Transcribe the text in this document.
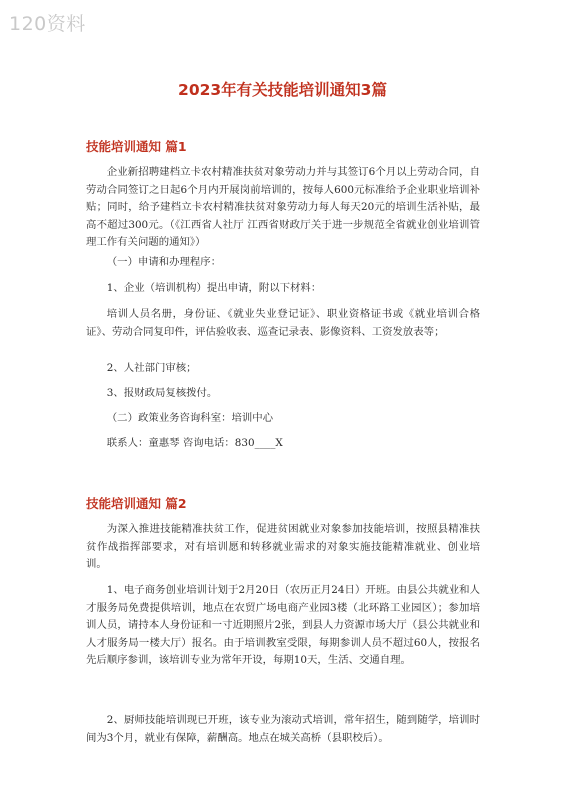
120资料
2023年有关技能培训通知3篇
技能培训通知 篇1

企业新招聘建档立卡农村精准扶贫对象劳动力并与其签订6个月以上劳动合同，自劳动合同签订之日起6个月内开展岗前培训的，按每人600元标准给予企业职业培训补贴；同时，给予建档立卡农村精准扶贫对象劳动力每人每天20元的培训生活补贴，最高不超过300元。（《江西省人社厅 江西省财政厅关于进一步规范全省就业创业培训管理工作有关问题的通知》）

（一）申请和办理程序：

1、企业（培训机构）提出申请，附以下材料：

培训人员名册，身份证、《就业失业登记证》、职业资格证书或《就业培训合格证》、劳动合同复印件，评估验收表、巡查记录表、影像资料、工资发放表等；

2、人社部门审核；

3、报财政局复核拨付。

（二）政策业务咨询科室：培训中心

联系人：童惠琴 咨询电话：830____X

技能培训通知 篇2

为深入推进技能精准扶贫工作，促进贫困就业对象参加技能培训，按照县精准扶贫作战指挥部要求，对有培训愿和转移就业需求的对象实施技能精准就业、创业培训。

1、电子商务创业培训计划于2月20日（农历正月24日）开班。由县公共就业和人才服务局免费提供培训，地点在农贸广场电商产业园3楼（北环路工业园区）；参加培训人员，请持本人身份证和一寸近期照片2张，到县人力资源市场大厅（县公共就业和人才服务局一楼大厅）报名。由于培训教室受限，每期参训人员不超过60人，按报名先后顺序参训，该培训专业为常年开设，每期10天，生活、交通自理。

2、厨师技能培训现已开班，该专业为滚动式培训，常年招生，随到随学，培训时间为3个月，就业有保障，薪酬高。地点在城关高桥（县职校后）。
